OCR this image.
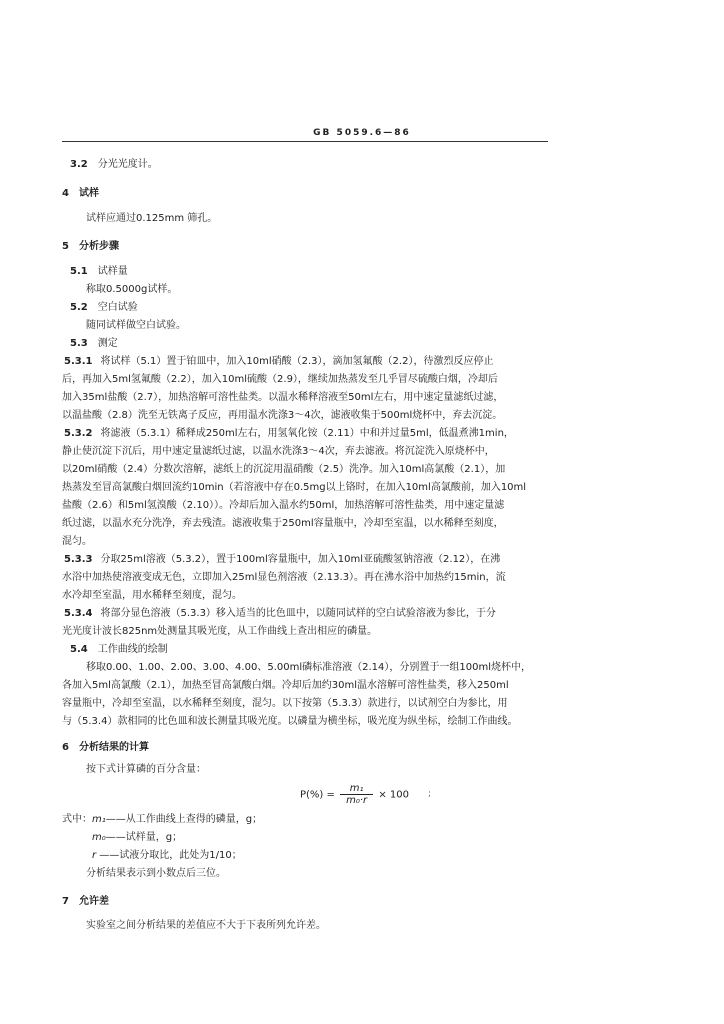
GB 5059.6—86
3.2 分光光度计。
4 试样
试样应通过0.125mm 筛孔。
5 分析步骤
5.1 试样量
称取0.5000g试样。
5.2 空白试验
随同试样做空白试验。
5.3 测定
5.3.1 将试样（5.1）置于铂皿中，加入10ml硝酸（2.3），滴加氢氟酸（2.2），待激烈反应停止
后，再加入5ml氢氟酸（2.2），加入10ml硫酸（2.9），继续加热蒸发至几乎冒尽硫酸白烟，冷却后
加入35ml盐酸（2.7），加热溶解可溶性盐类。以温水稀释溶液至50ml左右，用中速定量滤纸过滤，
以温盐酸（2.8）洗至无铁离子反应，再用温水洗涤3～4次，滤液收集于500ml烧杯中，弃去沉淀。
5.3.2 将滤液（5.3.1）稀释成250ml左右，用氢氧化铵（2.11）中和并过量5ml，低温煮沸1min，
静止使沉淀下沉后，用中速定量滤纸过滤，以温水洗涤3～4次，弃去滤液。将沉淀洗入原烧杯中，
以20ml硝酸（2.4）分数次溶解，滤纸上的沉淀用温硝酸（2.5）洗净。加入10ml高氯酸（2.1），加
热蒸发至冒高氯酸白烟回流约10min（若溶液中存在0.5mg以上铬时，在加入10ml高氯酸前，加入10ml
盐酸（2.6）和5ml氢溴酸（2.10））。冷却后加入温水约50ml，加热溶解可溶性盐类，用中速定量滤
纸过滤，以温水充分洗净，弃去残渣。滤液收集于250ml容量瓶中，冷却至室温，以水稀释至刻度，
混匀。
5.3.3 分取25ml溶液（5.3.2），置于100ml容量瓶中，加入10ml亚硫酸氢钠溶液（2.12），在沸
水浴中加热使溶液变成无色，立即加入25ml显色剂溶液（2.13.3）。再在沸水浴中加热约15min，流
水冷却至室温，用水稀释至刻度，混匀。
5.3.4 将部分显色溶液（5.3.3）移入适当的比色皿中，以随同试样的空白试验溶液为参比，于分
光光度计波长825nm处测量其吸光度，从工作曲线上查出相应的磷量。
5.4 工作曲线的绘制
移取0.00、1.00、2.00、3.00、4.00、5.00ml磷标准溶液（2.14），分别置于一组100ml烧杯中，
各加入5ml高氯酸（2.1），加热至冒高氯酸白烟。冷却后加约30ml温水溶解可溶性盐类，移入250ml
容量瓶中，冷却至室温，以水稀释至刻度，混匀。以下按第（5.3.3）款进行，以试剂空白为参比，用
与（5.3.4）款相同的比色皿和波长测量其吸光度。以磷量为横坐标，吸光度为纵坐标，绘制工作曲线。
6 分析结果的计算
按下式计算磷的百分含量：
$P(\%) = \frac{\text{m₁}}{\text{m₀·r}} \times 100$ ;
式中：m₁——从工作曲线上查得的磷量，g；
m₀——试样量，g；
r ——试液分取比，此处为1/10；
分析结果表示到小数点后三位。
7 允许差
实验室之间分析结果的差值应不大于下表所列允许差。
